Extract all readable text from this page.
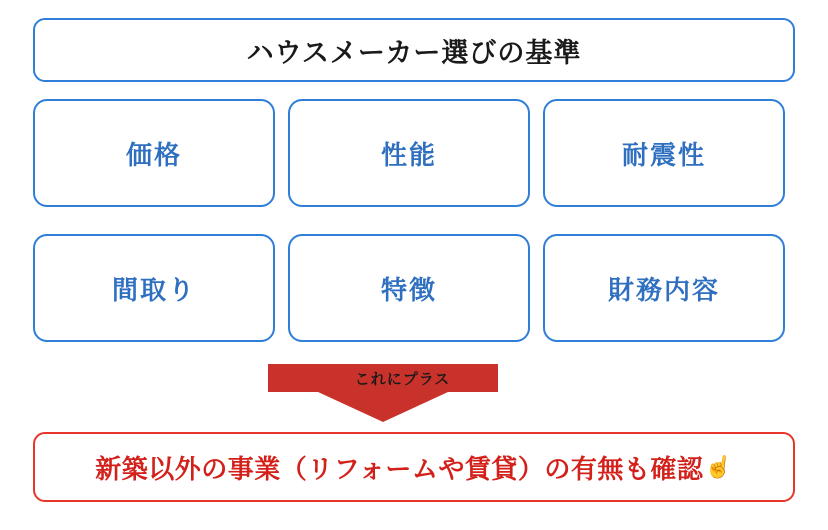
ハウスメーカー選びの基準
価格	性能	耐震性
間取り	特徴	財務内容
これにプラス
新築以外の事業（リフォームや賃貸）の有無も確認 ☝
